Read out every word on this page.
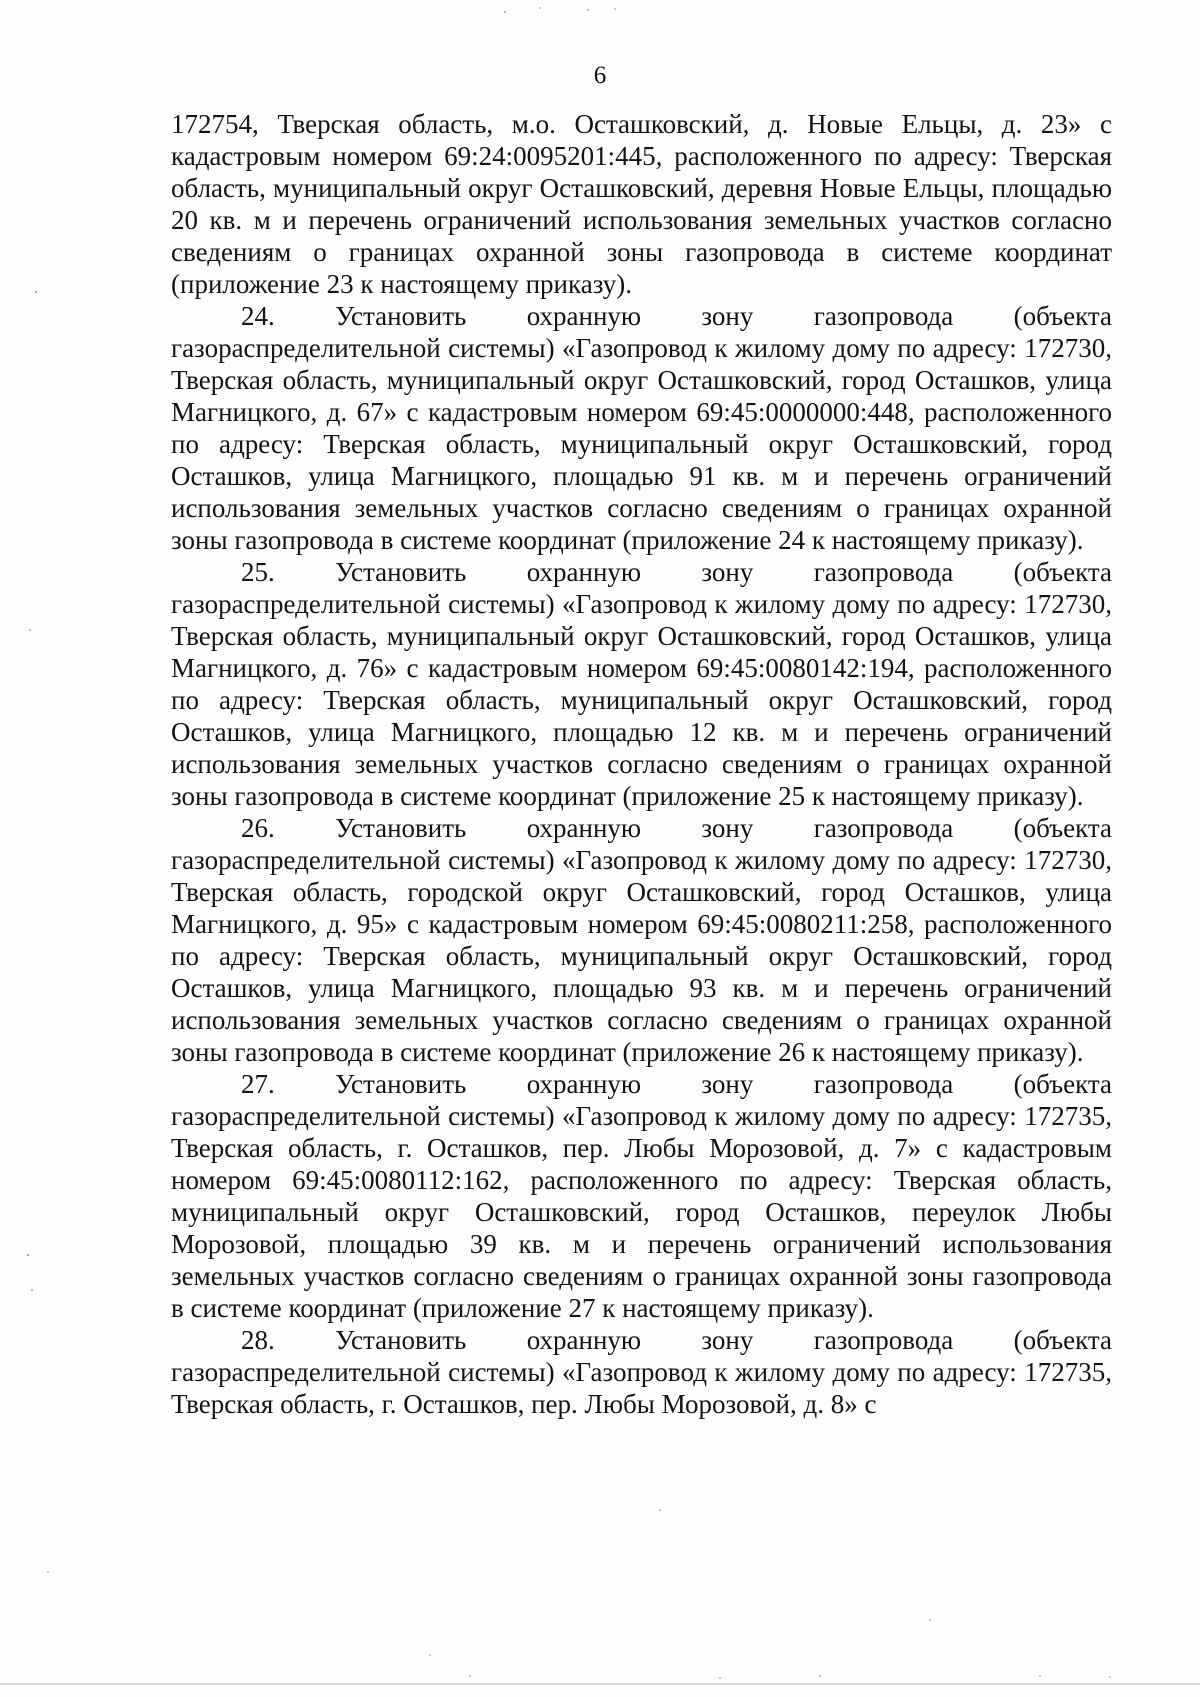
6

172754, Тверская область, м.о. Осташковский, д. Новые Ельцы, д. 23» с кадастровым номером 69:24:0095201:445, расположенного по адресу: Тверская область, муниципальный округ Осташковский, деревня Новые Ельцы, площадью 20 кв. м и перечень ограничений использования земельных участков согласно сведениям о границах охранной зоны газопровода в системе координат (приложение 23 к настоящему приказу).

24. Установить охранную зону газопровода (объекта газораспределительной системы) «Газопровод к жилому дому по адресу: 172730, Тверская область, муниципальный округ Осташковский, город Осташков, улица Магницкого, д. 67» с кадастровым номером 69:45:0000000:448, расположенного по адресу: Тверская область, муниципальный округ Осташковский, город Осташков, улица Магницкого, площадью 91 кв. м и перечень ограничений использования земельных участков согласно сведениям о границах охранной зоны газопровода в системе координат (приложение 24 к настоящему приказу).

25. Установить охранную зону газопровода (объекта газораспределительной системы) «Газопровод к жилому дому по адресу: 172730, Тверская область, муниципальный округ Осташковский, город Осташков, улица Магницкого, д. 76» с кадастровым номером 69:45:0080142:194, расположенного по адресу: Тверская область, муниципальный округ Осташковский, город Осташков, улица Магницкого, площадью 12 кв. м и перечень ограничений использования земельных участков согласно сведениям о границах охранной зоны газопровода в системе координат (приложение 25 к настоящему приказу).

26. Установить охранную зону газопровода (объекта газораспределительной системы) «Газопровод к жилому дому по адресу: 172730, Тверская область, городской округ Осташковский, город Осташков, улица Магницкого, д. 95» с кадастровым номером 69:45:0080211:258, расположенного по адресу: Тверская область, муниципальный округ Осташковский, город Осташков, улица Магницкого, площадью 93 кв. м и перечень ограничений использования земельных участков согласно сведениям о границах охранной зоны газопровода в системе координат (приложение 26 к настоящему приказу).

27. Установить охранную зону газопровода (объекта газораспределительной системы) «Газопровод к жилому дому по адресу: 172735, Тверская область, г. Осташков, пер. Любы Морозовой, д. 7» с кадастровым номером 69:45:0080112:162, расположенного по адресу: Тверская область, муниципальный округ Осташковский, город Осташков, переулок Любы Морозовой, площадью 39 кв. м и перечень ограничений использования земельных участков согласно сведениям о границах охранной зоны газопровода в системе координат (приложение 27 к настоящему приказу).

28. Установить охранную зону газопровода (объекта газораспределительной системы) «Газопровод к жилому дому по адресу: 172735, Тверская область, г. Осташков, пер. Любы Морозовой, д. 8» с
